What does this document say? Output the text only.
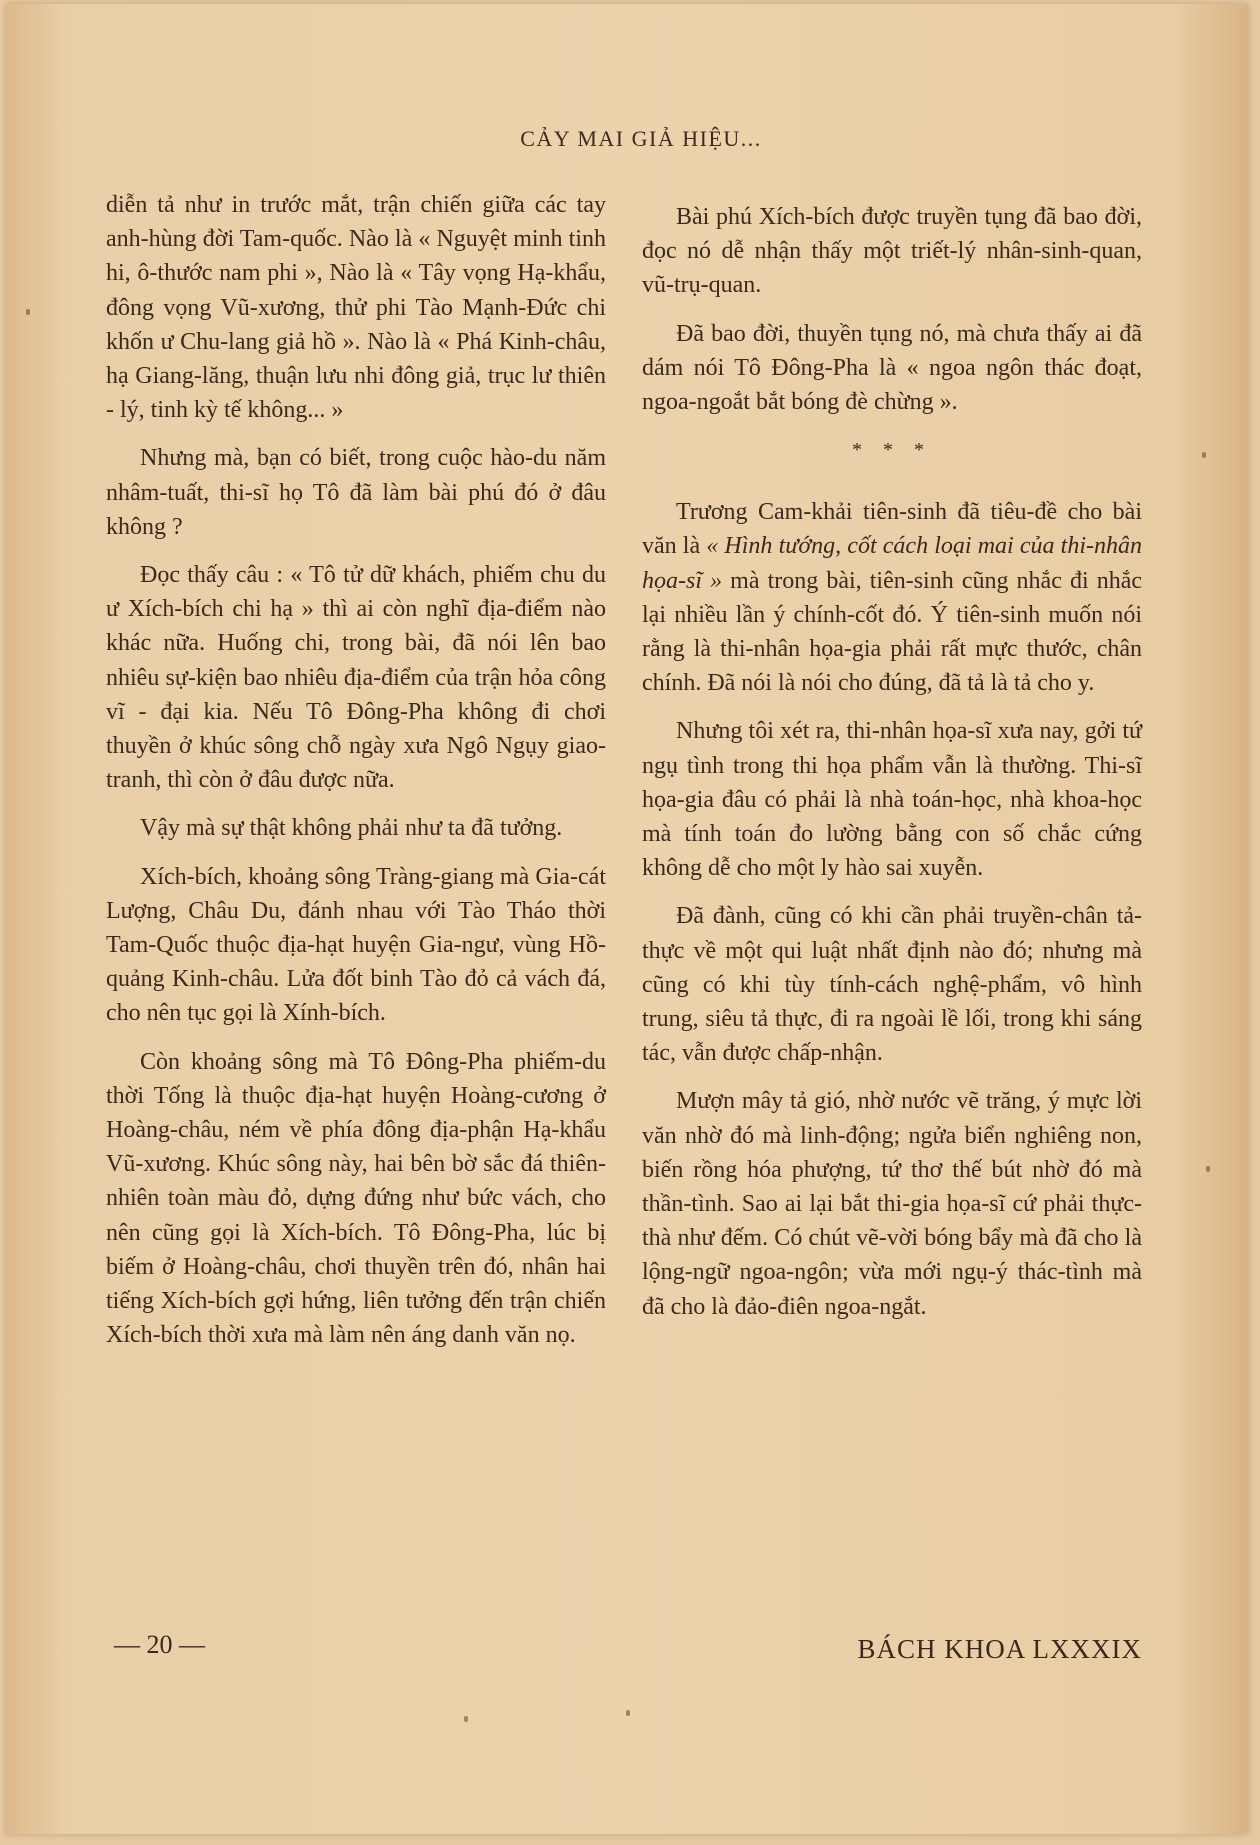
CẢY MAI GIẢ HIỆU...

diễn tả như in trước mắt, trận chiến giữa các tay anh-hùng đời Tam-quốc. Nào là « Nguyệt minh tinh hi, ô-thước nam phi », Nào là « Tây vọng Hạ-khẩu, đông vọng Vũ-xương, thử phi Tào Mạnh-Đức chi khốn ư Chu-lang giả hồ ». Nào là « Phá Kinh-châu, hạ Giang-lăng, thuận lưu nhi đông giả, trục lư thiên - lý, tinh kỳ tế không... »

Nhưng mà, bạn có biết, trong cuộc hào-du năm nhâm-tuất, thi-sĩ họ Tô đã làm bài phú đó ở đâu không ?

Đọc thấy câu : « Tô tử dữ khách, phiếm chu du ư Xích-bích chi hạ » thì ai còn nghĩ địa-điểm nào khác nữa. Huống chi, trong bài, đã nói lên bao nhiêu sự-kiện bao nhiêu địa-điểm của trận hỏa công vĩ - đại kia. Nếu Tô Đông-Pha không đi chơi thuyền ở khúc sông chỗ ngày xưa Ngô Ngụy giao-tranh, thì còn ở đâu được nữa.

Vậy mà sự thật không phải như ta đã tưởng.

Xích-bích, khoảng sông Tràng-giang mà Gia-cát Lượng, Châu Du, đánh nhau với Tào Tháo thời Tam-Quốc thuộc địa-hạt huyện Gia-ngư, vùng Hồ-quảng Kinh-châu. Lửa đốt binh Tào đỏ cả vách đá, cho nên tục gọi là Xính-bích.

Còn khoảng sông mà Tô Đông-Pha phiếm-du thời Tống là thuộc địa-hạt huyện Hoàng-cương ở Hoàng-châu, ném về phía đông địa-phận Hạ-khẩu Vũ-xương. Khúc sông này, hai bên bờ sắc đá thiên-nhiên toàn màu đỏ, dựng đứng như bức vách, cho nên cũng gọi là Xích-bích. Tô Đông-Pha, lúc bị biếm ở Hoàng-châu, chơi thuyền trên đó, nhân hai tiếng Xích-bích gợi hứng, liên tưởng đến trận chiến Xích-bích thời xưa mà làm nên áng danh văn nọ.

Bài phú Xích-bích được truyền tụng đã bao đời, đọc nó dễ nhận thấy một triết-lý nhân-sinh-quan, vũ-trụ-quan.

Đã bao đời, thuyền tụng nó, mà chưa thấy ai đã dám nói Tô Đông-Pha là « ngoa ngôn thác đoạt, ngoa-ngoắt bắt bóng đè chừng ».

* * *

Trương Cam-khải tiên-sinh đã tiêu-đề cho bài văn là « Hình tướng, cốt cách loại mai của thi-nhân họa-sĩ » mà trong bài, tiên-sinh cũng nhắc đi nhắc lại nhiều lần ý chính-cốt đó. Ý tiên-sinh muốn nói rằng là thi-nhân họa-gia phải rất mực thước, chân chính. Đã nói là nói cho đúng, đã tả là tả cho y.

Nhưng tôi xét ra, thi-nhân họa-sĩ xưa nay, gởi tứ ngụ tình trong thi họa phẩm vẫn là thường. Thi-sĩ họa-gia đâu có phải là nhà toán-học, nhà khoa-học mà tính toán đo lường bằng con số chắc cứng không dễ cho một ly hào sai xuyễn.

Đã đành, cũng có khi cần phải truyền-chân tả-thực về một qui luật nhất định nào đó; nhưng mà cũng có khi tùy tính-cách nghệ-phẩm, vô hình trung, siêu tả thực, đi ra ngoài lề lối, trong khi sáng tác, vẫn được chấp-nhận.

Mượn mây tả gió, nhờ nước vẽ trăng, ý mực lời văn nhờ đó mà linh-động; ngửa biển nghiêng non, biến rồng hóa phượng, tứ thơ thế bút nhờ đó mà thần-tình. Sao ai lại bắt thi-gia họa-sĩ cứ phải thực-thà như đếm. Có chút vẽ-vời bóng bẩy mà đã cho là lộng-ngữ ngoa-ngôn; vừa mới ngụ-ý thác-tình mà đã cho là đảo-điên ngoa-ngắt.

— 20 —	BÁCH KHOA LXXXIX
